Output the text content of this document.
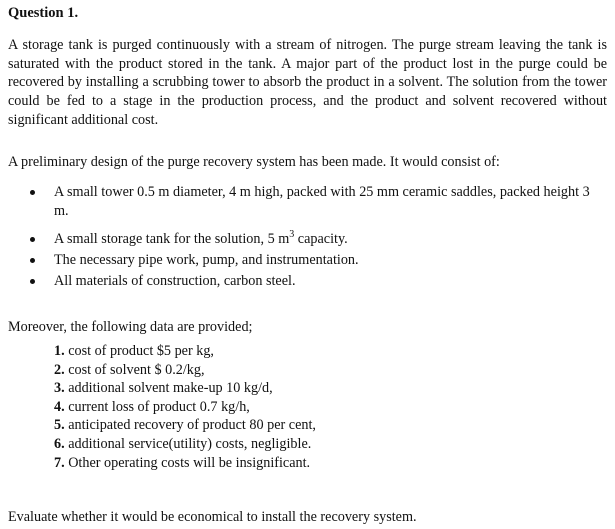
Question 1.

A storage tank is purged continuously with a stream of nitrogen. The purge stream leaving the tank is saturated with the product stored in the tank. A major part of the product lost in the purge could be recovered by installing a scrubbing tower to absorb the product in a solvent. The solution from the tower could be fed to a stage in the production process, and the product and solvent recovered without significant additional cost.

A preliminary design of the purge recovery system has been made. It would consist of:

A small tower 0.5 m diameter, 4 m high, packed with 25 mm ceramic saddles, packed height 3 m.
A small storage tank for the solution, 5 $m^3$ capacity.
The necessary pipe work, pump, and instrumentation.
All materials of construction, carbon steel.

Moreover, the following data are provided;

1. cost of product $5 per kg,
2. cost of solvent $ 0.2/kg,
3. additional solvent make-up 10 kg/d,
4. current loss of product 0.7 kg/h,
5. anticipated recovery of product 80 per cent,
6. additional service(utility) costs, negligible.
7. Other operating costs will be insignificant.

Evaluate whether it would be economical to install the recovery system.
